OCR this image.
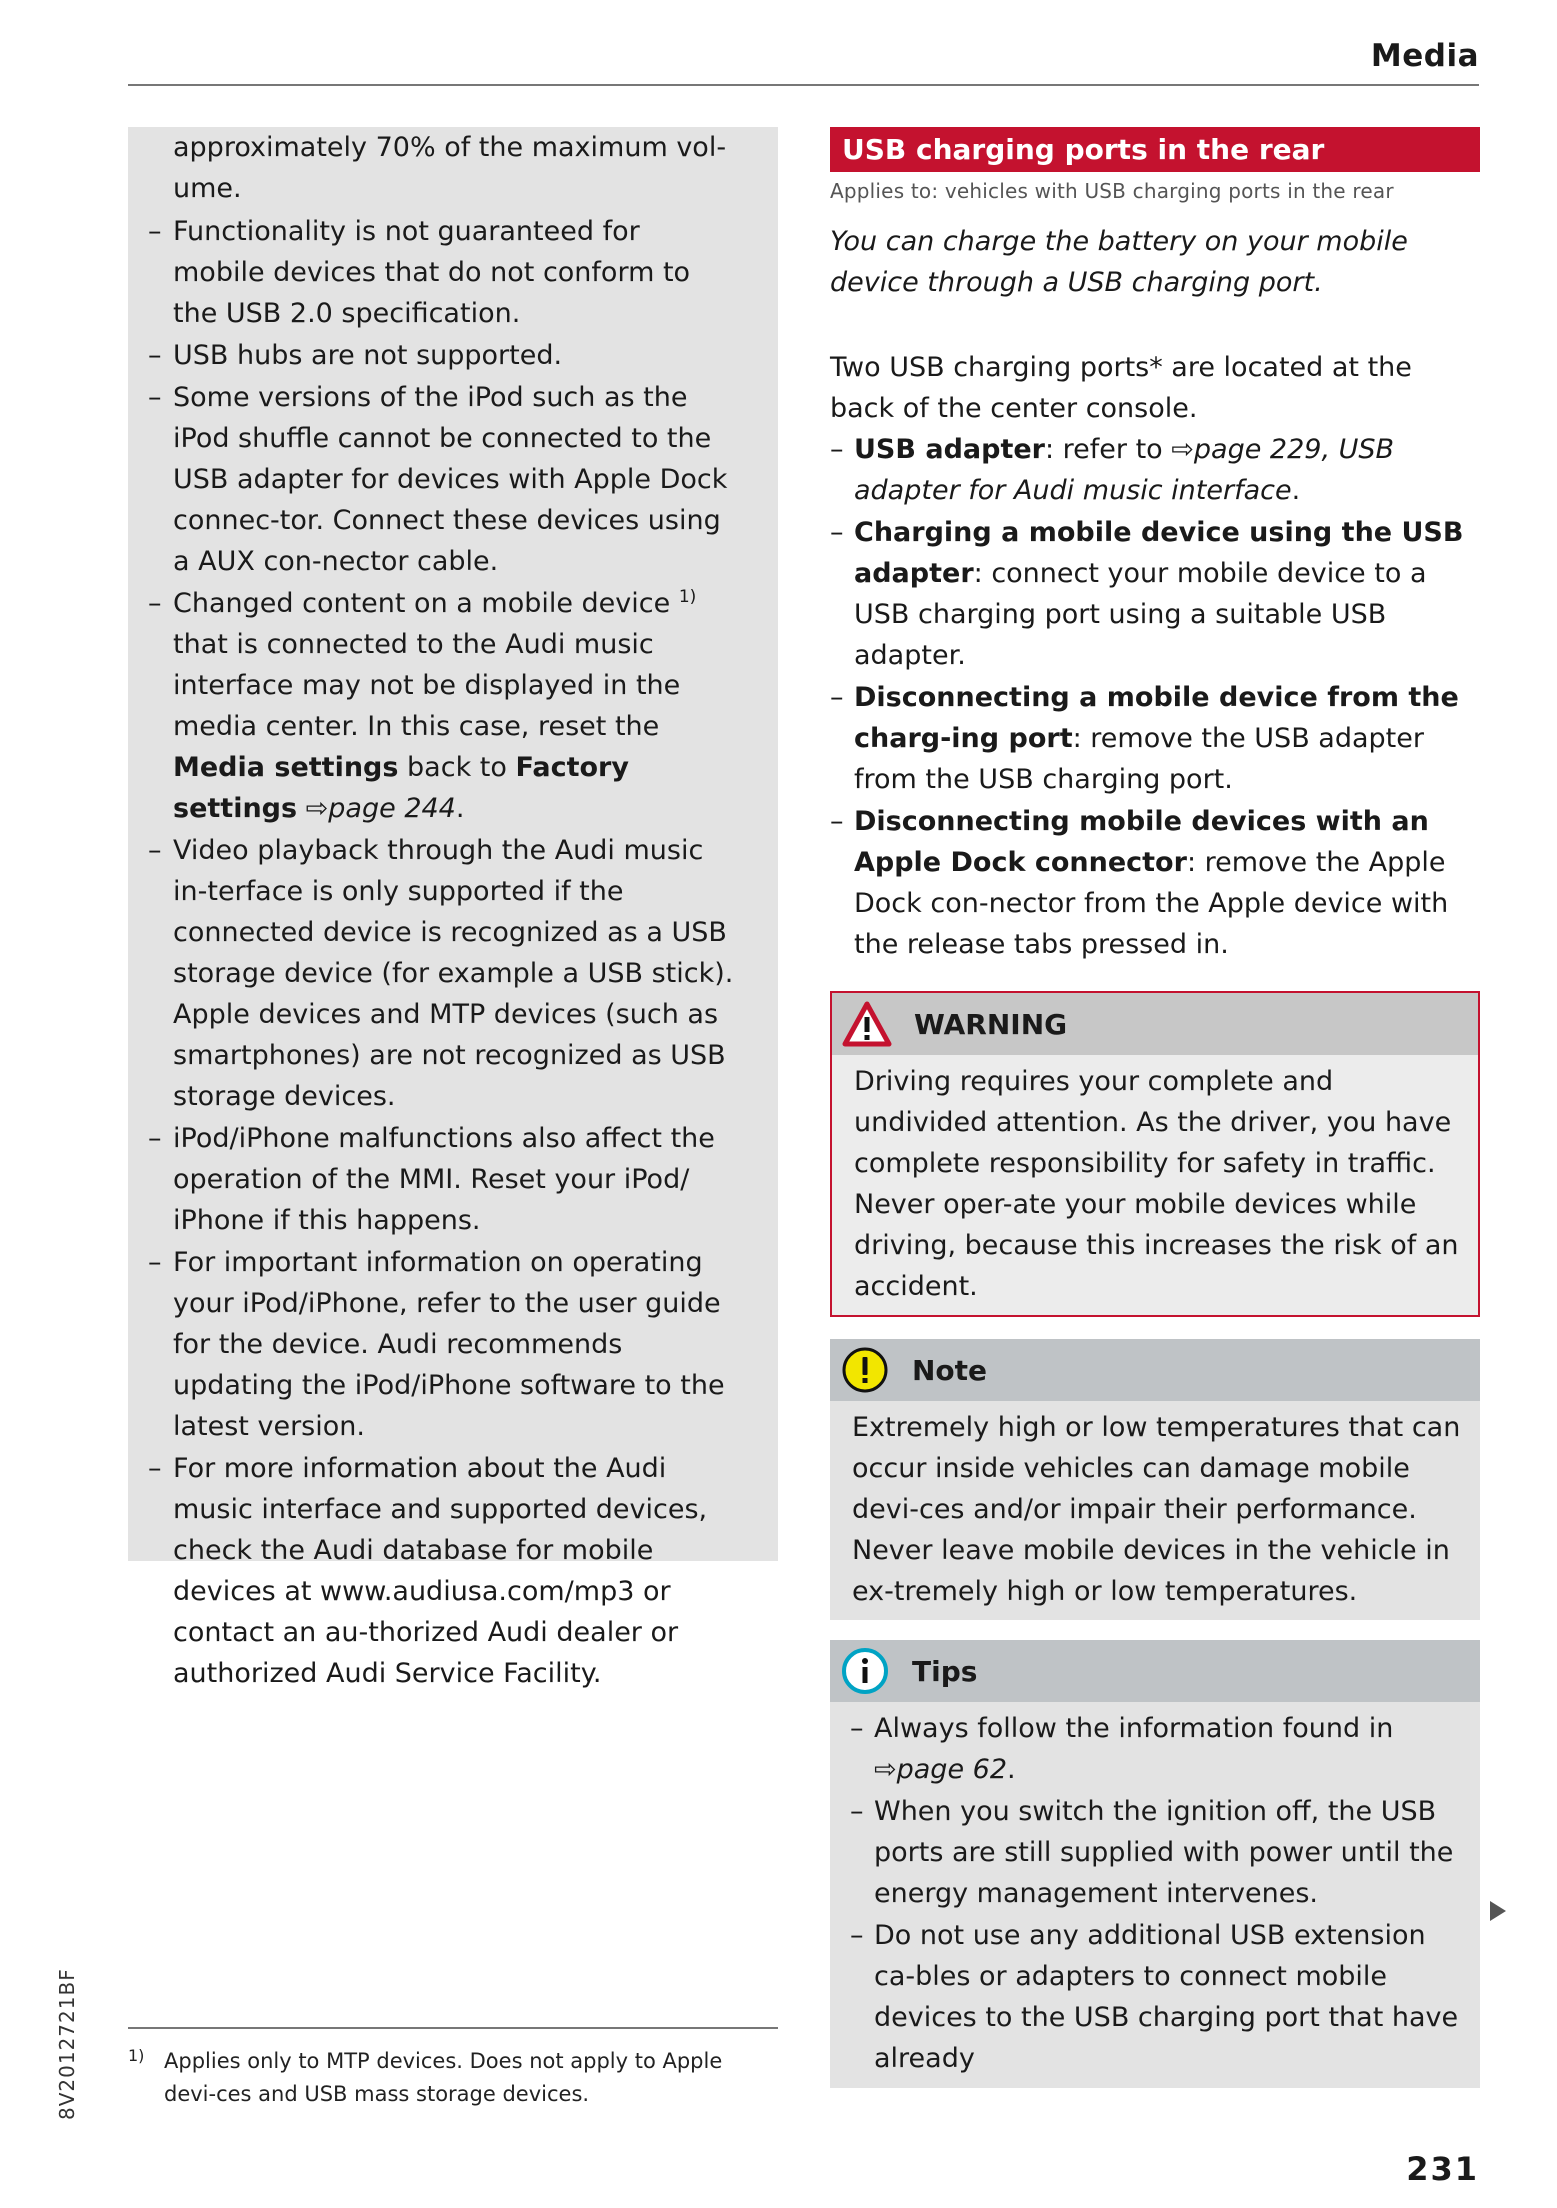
Media

approximately 70% of the maximum vol-ume.

– Functionality is not guaranteed for mobile devices that do not conform to the USB 2.0 specification.
– USB hubs are not supported.
– Some versions of the iPod such as the iPod shuffle cannot be connected to the USB adapter for devices with Apple Dock connec-tor. Connect these devices using a AUX con-nector cable.
– Changed content on a mobile device $^{1)}$ that is connected to the Audi music interface may not be displayed in the media center. In this case, reset the Media settings back to Factory settings ⇨page 244.
– Video playback through the Audi music in-terface is only supported if the connected device is recognized as a USB storage device (for example a USB stick). Apple devices and MTP devices (such as smartphones) are not recognized as USB storage devices.
– iPod/iPhone malfunctions also affect the operation of the MMI. Reset your iPod/ iPhone if this happens.
– For important information on operating your iPod/iPhone, refer to the user guide for the device. Audi recommends updating the iPod/iPhone software to the latest version.
– For more information about the Audi music interface and supported devices, check the Audi database for mobile devices at www.audiusa.com/mp3 or contact an au-thorized Audi dealer or authorized Audi Service Facility.
USB charging ports in the rear
Applies to: vehicles with USB charging ports in the rear
You can charge the battery on your mobile device through a USB charging port.
Two USB charging ports* are located at the back of the center console.
– USB adapter: refer to ⇨page 229, USB adapter for Audi music interface.
– Charging a mobile device using the USB adapter: connect your mobile device to a USB charging port using a suitable USB adapter.
– Disconnecting a mobile device from the charg-ing port: remove the USB adapter from the USB charging port.
– Disconnecting mobile devices with an Apple Dock connector: remove the Apple Dock con-nector from the Apple device with the release tabs pressed in.
WARNING
Driving requires your complete and undivided attention. As the driver, you have complete responsibility for safety in traffic. Never oper-ate your mobile devices while driving, because this increases the risk of an accident.
Note
Extremely high or low temperatures that can occur inside vehicles can damage mobile devi-ces and/or impair their performance. Never leave mobile devices in the vehicle in ex-tremely high or low temperatures.
Tips
– Always follow the information found in ⇨page 62.
– When you switch the ignition off, the USB ports are still supplied with power until the energy management intervenes.
– Do not use any additional USB extension ca-bles or adapters to connect mobile devices to the USB charging port that have already
8V2012721BF	1) Applies only to MTP devices. Does not apply to Apple devi-ces and USB mass storage devices.
231
